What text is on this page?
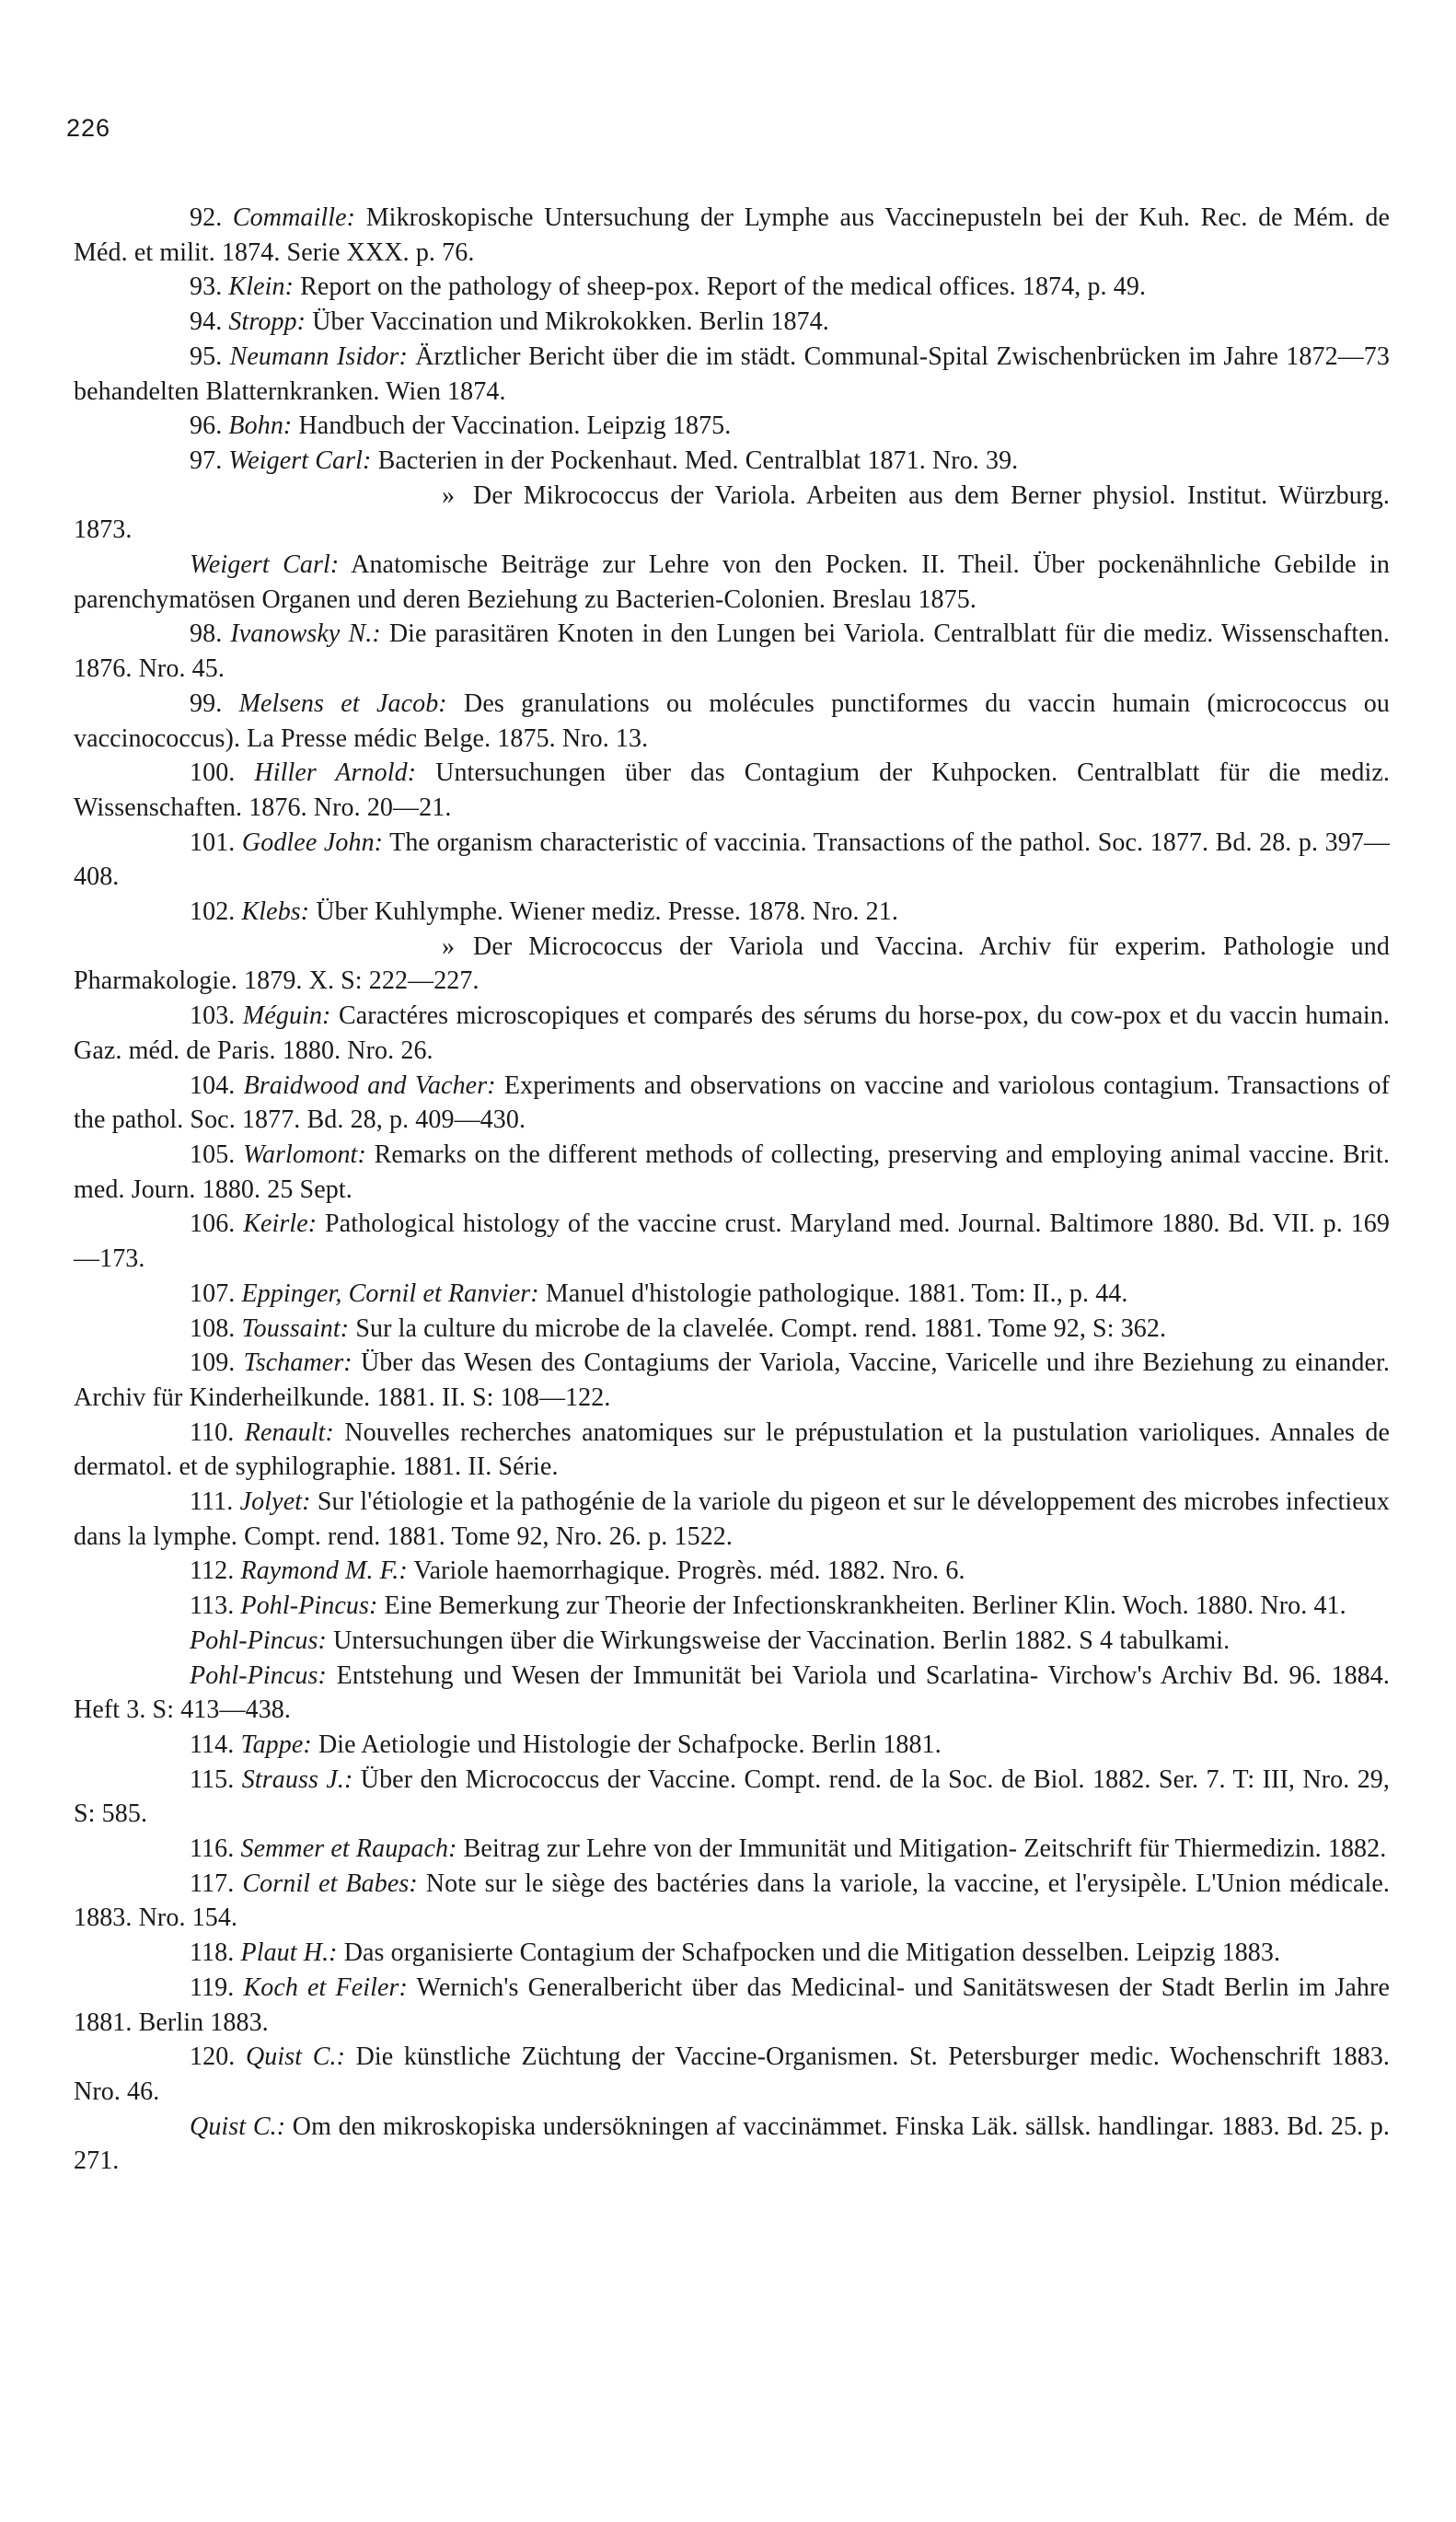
226

92. Commaille: Mikroskopische Untersuchung der Lymphe aus Vaccinepusteln bei der Kuh. Rec. de Mém. de Méd. et milit. 1874. Serie XXX. p. 76.

93. Klein: Report on the pathology of sheep-pox. Report of the medical offices. 1874, p. 49.

94. Stropp: Über Vaccination und Mikrokokken. Berlin 1874.

95. Neumann Isidor: Ärztlicher Bericht über die im städt. Communal-Spital Zwischenbrücken im Jahre 1872—73 behandelten Blatternkranken. Wien 1874.

96. Bohn: Handbuch der Vaccination. Leipzig 1875.

97. Weigert Carl: Bacterien in der Pockenhaut. Med. Centralblat 1871. Nro. 39.

» Der Mikrococcus der Variola. Arbeiten aus dem Berner physiol. Institut. Würzburg. 1873.

Weigert Carl: Anatomische Beiträge zur Lehre von den Pocken. II. Theil. Über pockenähnliche Gebilde in parenchymatösen Organen und deren Beziehung zu Bacterien-Colonien. Breslau 1875.

98. Ivanowsky N.: Die parasitären Knoten in den Lungen bei Variola. Centralblatt für die mediz. Wissenschaften. 1876. Nro. 45.

99. Melsens et Jacob: Des granulations ou molécules punctiformes du vaccin humain (micrococcus ou vaccinococcus). La Presse médic Belge. 1875. Nro. 13.

100. Hiller Arnold: Untersuchungen über das Contagium der Kuhpocken. Centralblatt für die mediz. Wissenschaften. 1876. Nro. 20—21.

101. Godlee John: The organism characteristic of vaccinia. Transactions of the pathol. Soc. 1877. Bd. 28. p. 397—408.

102. Klebs: Über Kuhlymphe. Wiener mediz. Presse. 1878. Nro. 21.

» Der Micrococcus der Variola und Vaccina. Archiv für experim. Pathologie und Pharmakologie. 1879. X. S: 222—227.

103. Méguin: Caractéres microscopiques et comparés des sérums du horse-pox, du cow-pox et du vaccin humain. Gaz. méd. de Paris. 1880. Nro. 26.

104. Braidwood and Vacher: Experiments and observations on vaccine and variolous contagium. Transactions of the pathol. Soc. 1877. Bd. 28, p. 409—430.

105. Warlomont: Remarks on the different methods of collecting, preserving and employing animal vaccine. Brit. med. Journ. 1880. 25 Sept.

106. Keirle: Pathological histology of the vaccine crust. Maryland med. Journal. Baltimore 1880. Bd. VII. p. 169—173.

107. Eppinger, Cornil et Ranvier: Manuel d'histologie pathologique. 1881. Tom: II., p. 44.

108. Toussaint: Sur la culture du microbe de la clavelée. Compt. rend. 1881. Tome 92, S: 362.

109. Tschamer: Über das Wesen des Contagiums der Variola, Vaccine, Varicelle und ihre Beziehung zu einander. Archiv für Kinderheilkunde. 1881. II. S: 108—122.

110. Renault: Nouvelles recherches anatomiques sur le prépustulation et la pustulation varioliques. Annales de dermatol. et de syphilographie. 1881. II. Série.

111. Jolyet: Sur l'étiologie et la pathogénie de la variole du pigeon et sur le développement des microbes infectieux dans la lymphe. Compt. rend. 1881. Tome 92, Nro. 26. p. 1522.

112. Raymond M. F.: Variole haemorrhagique. Progrès. méd. 1882. Nro. 6.

113. Pohl-Pincus: Eine Bemerkung zur Theorie der Infectionskrankheiten. Berliner Klin. Woch. 1880. Nro. 41.

Pohl-Pincus: Untersuchungen über die Wirkungsweise der Vaccination. Berlin 1882. S 4 tabulkami.

Pohl-Pincus: Entstehung und Wesen der Immunität bei Variola und Scarlatina- Virchow's Archiv Bd. 96. 1884. Heft 3. S: 413—438.

114. Tappe: Die Aetiologie und Histologie der Schafpocke. Berlin 1881.

115. Strauss J.: Über den Micrococcus der Vaccine. Compt. rend. de la Soc. de Biol. 1882. Ser. 7. T: III, Nro. 29, S: 585.

116. Semmer et Raupach: Beitrag zur Lehre von der Immunität und Mitigation- Zeitschrift für Thiermedizin. 1882.

117. Cornil et Babes: Note sur le siège des bactéries dans la variole, la vaccine, et l'erysipèle. L'Union médicale. 1883. Nro. 154.

118. Plaut H.: Das organisierte Contagium der Schafpocken und die Mitigation desselben. Leipzig 1883.

119. Koch et Feiler: Wernich's Generalbericht über das Medicinal- und Sanitätswesen der Stadt Berlin im Jahre 1881. Berlin 1883.

120. Quist C.: Die künstliche Züchtung der Vaccine-Organismen. St. Petersburger medic. Wochenschrift 1883. Nro. 46.

Quist C.: Om den mikroskopiska undersökningen af vaccinämmet. Finska Läk. sällsk. handlingar. 1883. Bd. 25. p. 271.
